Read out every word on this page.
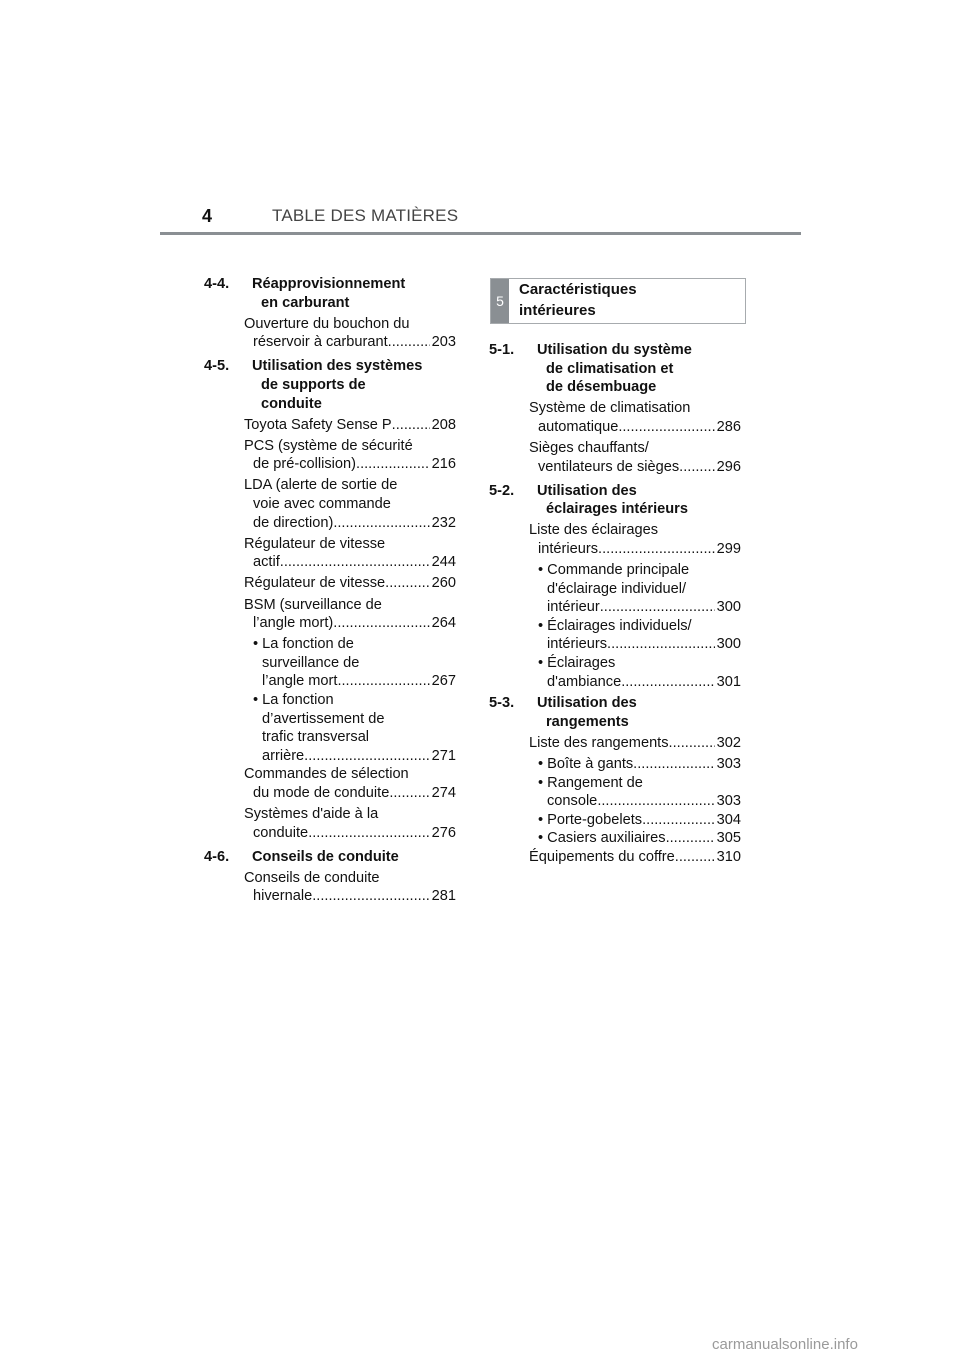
4	TABLE DES MATIÈRES
4-4. Réapprovisionnement
en carburant
Ouverture du bouchon du
réservoir à carburant .....	203
4-5. Utilisation des systèmes
de supports de
conduite
Toyota Safety Sense P .....	208
PCS (système de sécurité
de pré-collision) .....	216
LDA (alerte de sortie de
voie avec commande
de direction) .....	232
Régulateur de vitesse
actif .....	244
Régulateur de vitesse .....	260
BSM (surveillance de
l’angle mort) .....	264
• La fonction de
surveillance de
l’angle mort .....	267
• La fonction
d’avertissement de
trafic transversal
arrière .....	271
Commandes de sélection
du mode de conduite .....	274
Systèmes d'aide à la
conduite .....	276
4-6. Conseils de conduite
Conseils de conduite
hivernale .....	281
5
Caractéristiques
intérieures
5-1. Utilisation du système
de climatisation et
de désembuage
Système de climatisation
automatique .....	286
Sièges chauffants/
ventilateurs de sièges .....	296
5-2. Utilisation des
éclairages intérieurs
Liste des éclairages
intérieurs .....	299
• Commande principale
d'éclairage individuel/
intérieur .....	300
• Éclairages individuels/
intérieurs .....	300
• Éclairages
d'ambiance .....	301
5-3. Utilisation des
rangements
Liste des rangements .....	302
• Boîte à gants .....	303
• Rangement de
console .....	303
• Porte-gobelets .....	304
• Casiers auxiliaires .....	305
Équipements du coffre .....	310
carmanualsonline.info
